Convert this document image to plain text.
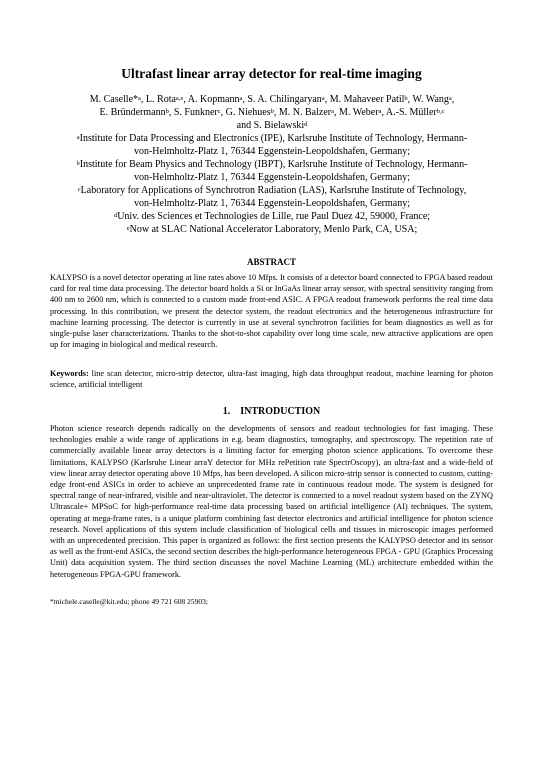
Ultrafast linear array detector for real-time imaging
M. Caselle*$^a$, L. Rota$^{a,e}$, A. Kopmann$^a$, S. A. Chilingaryan$^a$, M. Mahaveer Patil$^b$, W. Wang$^a$,
E. Bründermann$^b$, S. Funkner$^c$, G. Niehues$^b$, M. N. Balzer$^a$, M. Weber$^a$, A.-S. Müller$^{b,c}$
and S. Bielawski$^d$
$^a$Institute for Data Processing and Electronics (IPE), Karlsruhe Institute of Technology, Hermann-
von-Helmholtz-Platz 1, 76344 Eggenstein-Leopoldshafen, Germany;
$^b$Institute for Beam Physics and Technology (IBPT), Karlsruhe Institute of Technology, Hermann-
von-Helmholtz-Platz 1, 76344 Eggenstein-Leopoldshafen, Germany;
$^c$Laboratory for Applications of Synchrotron Radiation (LAS), Karlsruhe Institute of Technology,
von-Helmholtz-Platz 1, 76344 Eggenstein-Leopoldshafen, Germany;
$^d$Univ. des Sciences et Technologies de Lille, rue Paul Duez 42, 59000, France;
$^e$Now at SLAC National Accelerator Laboratory, Menlo Park, CA, USA;
ABSTRACT
KALYPSO is a novel detector operating at line rates above 10 Mfps. It consists of a detector board connected to FPGA based readout card for real time data processing. The detector board holds a Si or InGaAs linear array sensor, with spectral sensitivity ranging from 400 nm to 2600 nm, which is connected to a custom made front-end ASIC. A FPGA readout framework performs the real time data processing. In this contribution, we present the detector system, the readout electronics and the heterogeneous infrastructure for machine learning processing. The detector is currently in use at several synchrotron facilities for beam diagnostics as well as for single-pulse laser characterizations. Thanks to the shot-to-shot capability over long time scale, new attractive applications are open up for imaging in biological and medical research.
Keywords: line scan detector, micro-strip detector, ultra-fast imaging, high data throughput readout, machine learning for photon science, artificial intelligent
1. INTRODUCTION
Photon science research depends radically on the developments of sensors and readout technologies for fast imaging. These technologies enable a wide range of applications in e.g. beam diagnostics, tomography, and spectroscopy. The repetition rate of commercially available linear array detectors is a limiting factor for emerging photon science applications. To overcome these limitations, KALYPSO (Karlsruhe Linear arraY detector for MHz rePetition rate SpectrOscopy), an ultra-fast and a wide-field of view linear array detector operating above 10 Mfps, has been developed. A silicon micro-strip sensor is connected to custom, cutting-edge front-end ASICs in order to achieve an unprecedented frame rate in continuous readout mode. The system is designed for spectral range of near-infrared, visible and near-ultraviolet. The detector is connected to a novel readout system based on the ZYNQ Ultrascale+ MPSoC for high-performance real-time data processing based on artificial intelligence (AI) techniques. The system, operating at mega-frame rates, is a unique platform combining fast detector electronics and artificial intelligence for photon science research. Novel applications of this system include classification of biological cells and tissues in microscopic images performed with an unprecedented precision. This paper is organized as follows: the first section presents the KALYPSO detector and its sensor as well as the front-end ASICs, the second section describes the high-performance heterogeneous FPGA - GPU (Graphics Processing Unit) data acquisition system. The third section discusses the novel Machine Learning (ML) architecture embedded within the heterogeneous FPGA-GPU framework.
*michele.caselle@kit.edu; phone 49 721 608 25903;
